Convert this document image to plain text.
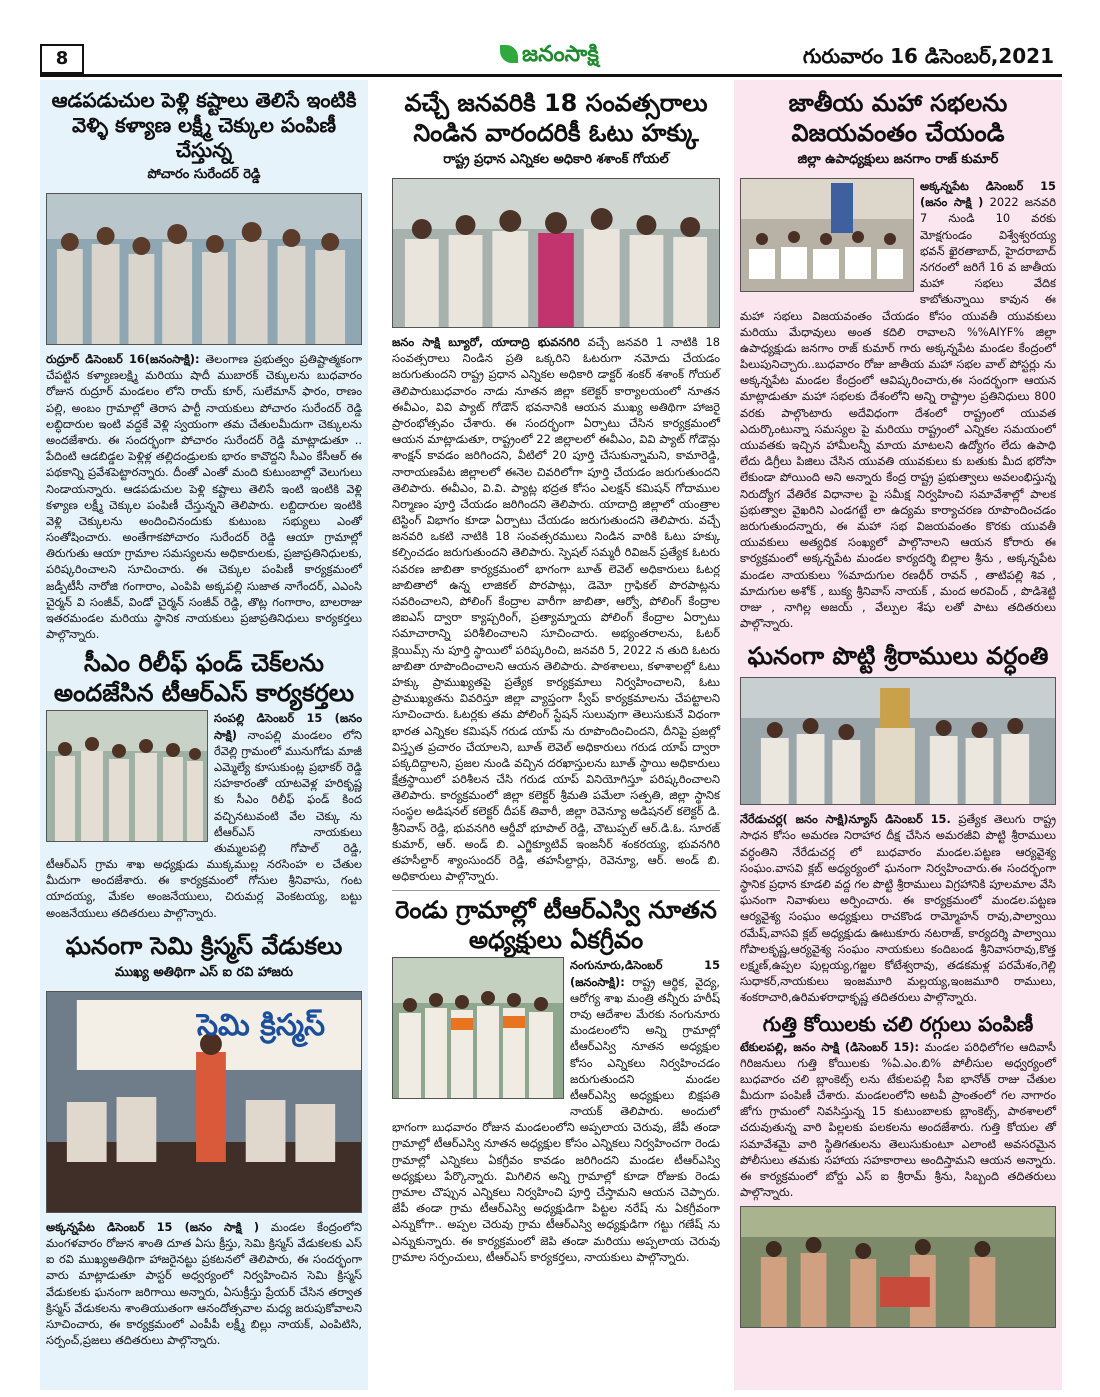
8	జనంసాక్షి	గురువారం 16 డిసెంబర్,2021
ఆడపడుచుల పెళ్లి కష్టాలు తెలిసే ఇంటికి వెళ్ళి కళ్యాణ లక్ష్మీ చెక్కుల పంపిణీ చేస్తున్న
పోచారం సురేందర్ రెడ్డి

రుద్రూర్ డిసెంబర్ 16(జనంసాక్షి): తెలంగాణ ప్రభుత్వం ప్రతిష్టాత్మకంగా చేపట్టిన కళ్యాణలక్ష్మి మరియు షాదీ ముబారక్ చెక్కులను బుధవారం రోజున రుద్రూర్ మండలం లోని రాయ్ కూర్, సులేమాన్ ఫారం, రాణం పల్లి, అంబం గ్రామాల్లో తెరాస పార్టీ నాయకులు పోచారం సురేందర్ రెడ్డి లబ్ధిదారుల ఇంటి వద్దకే వెళ్లి స్వయంగా తమ చేతులమీదుగా చెక్కులను అందజేశారు. ఈ సందర్భంగా పోచారం సురేందర్ రెడ్డి మాట్లాడుతూ .. పేదింటి ఆడబిడ్డల పెళ్లిళ్ల తల్లిదండ్రులకు భారం కావొద్దని సీఎం కేసీఆర్ ఈ పథకాన్ని ప్రవేశపెట్టారన్నారు. దీంతో ఎంతో మంది కుటుంబాల్లో వెలుగులు నిండాయన్నారు. ఆడపడుచుల పెళ్లి కష్టాలు తెలిసే ఇంటి ఇంటికి వెళ్లి కళ్యాణ లక్ష్మీ చెక్కుల పంపిణీ చేస్తున్నని తెలిపారు. లబ్దిదారుల ఇంటికి వెళ్లి చెక్కులను అందించినందుకు కుటుంబ సభ్యులు ఎంతో సంతోషించారు. అంతేగాకపోచారం సురేందర్ రెడ్డి ఆయా గ్రామాల్లో తిరుగుతు ఆయా గ్రామాల సమస్యలను అధికారులకు, ప్రజాప్రతినిధులకు, పరిష్కరించాలని సూచించారు. ఈ చెక్కుల పంపిణీ కార్యక్రమంలో జడ్పీటీసీ నారోజి గంగారాం, ఎంపిపి అక్కపల్లి సుజాత నాగేందర్, ఎఎంసి చైర్మన్ వి సంజీవ్, విండో చైర్మన్ సంజీవ్ రెడ్డి, తొట్ల గంగారాం, బాలరాజు ఇతరమండల మరియు స్థానిక నాయకులు ప్రజాప్రతినిధులు కార్యకర్తలు పాల్గొన్నారు.

సీఎం రిలీఫ్ ఫండ్ చెక్‌లను అందజేసిన టీఆర్ఎస్ కార్యకర్తలు

సంపల్లి డిసెంబర్ 15 (జనం సాక్షి) నాంపల్లి మండలం లోని రేవెల్లి గ్రామంలో మునుగోడు మాజీ ఎమ్మెల్యే కూసుకుంట్ల ప్రభాకర్ రెడ్డి సహకారంతో యాటవెళ్ల హరికృష్ణ కు సీఎం రిలీఫ్ ఫండ్ కింద వచ్చినటువంటి వేల చెక్కు ను టీఆర్ఎస్ నాయకులు తుమ్మలపల్లి గోపాల్ రెడ్డి, టీఆర్ఎస్ గ్రామ శాఖ అధ్యక్షుడు ముక్కముల్ల నరసింహ ల చేతుల మీదుగా అందజేశారు. ఈ కార్యక్రమంలో గోసుల శ్రీనివాసు, గంట యాదయ్య, మేకల అంజనేయులు, చిరుమర్ల వెంకటయ్య, బట్టు అంజనేయులు తదితరులు పాల్గొన్నారు.

ఘనంగా సెమి క్రిస్మస్ వేడుకలు
ముఖ్య అతిథిగా ఎస్ ఐ రవి హాజరు
సెమి క్రిస్మస్

అక్కన్నపేట డిసెంబర్ 15 (జనం సాక్షి ) మండల కేంద్రంలోని మంగళవారం రోజున శాంతి దూత ఏసు క్రీస్తు, సెమి క్రిస్మస్ వేడుకలకు ఎస్ ఐ రవి ముఖ్యఅతిథిగా హాజరైనట్టు ప్రకటనలో తెలిపారు, ఈ సందర్భంగా వారు మాట్లాడుతూ పాస్టర్ అధ్వర్యంలో నిర్వహించిన సెమి క్రిస్మస్ వేడుకలకు ఘనంగా జరిగాయి అన్నారు, ఏసుక్రీస్తు ప్రేయర్ చేసిన తర్వాత క్రిస్మస్ వేడుకలను శాంతియుతంగా ఆనందోత్సవాల మధ్య జరుపుకోవాలని సూచించారు, ఈ కార్యక్రమంలో ఎంపీపీ లక్ష్మీ బిల్లు నాయక్, ఎంపిటిసి, సర్పంచ్,ప్రజలు తదితరులు పాల్గొన్నారు.

వచ్చే జనవరికి 18 సంవత్సరాలు నిండిన వారందరికీ ఓటు హక్కు
రాష్ట్ర ప్రధాన ఎన్నికల అధికారి శశాంక్ గోయల్

జనం సాక్షి బ్యూరో, యాదాద్రి భువనగిరి వచ్చే జనవరి 1 నాటికి 18 సంవత్సరాలు నిండిన ప్రతి ఒక్కరిని ఓటరుగా నమోదు చేయడం జరుగుతుందని రాష్ట్ర ప్రధాన ఎన్నికల అధికారి డాక్టర్ శంకర్ శశాంక్ గోయల్ తెలిపారుబుధవారం నాడు నూతన జిల్లా కలెక్టర్ కార్యాలయంలో నూతన ఈవీఎం, వివి ప్యాట్ గోడౌన్ భవనానికి ఆయన ముఖ్య అతిథిగా హాజరై ప్రారంభోత్సవం చేశారు. ఈ సందర్భంగా ఏర్పాటు చేసిన కార్యక్రమంలో ఆయన మాట్లాడుతూ, రాష్ట్రంలో 22 జిల్లాలలో ఈవీఎం, వివి ప్యాట్ గోడౌన్లు శాంక్షన్ కావడం జరిగిందని, వీటిలో 20 పూర్తి చేసుకున్నామని, కామారెడ్డి, నారాయణపేట జిల్లాలలో ఈనెల చివరిలోగా పూర్తి చేయడం జరుగుతుందని తెలిపారు. ఈవీఎం, వి.వి. ప్యాట్ల భద్రత కోసం ఎలక్షన్ కమిషన్ గోదాముల నిర్మాణం పూర్తి చేయడం జరిగిందని తెలిపారు. యాదాద్రి జిల్లాలో యంత్రాల టెస్టింగ్ విభాగం కూడా ఏర్పాటు చేయడం జరుగుతుందని తెలిపారు. వచ్చే జనవరి ఒకటి నాటికి 18 సంవత్సరములు నిండిన వారికి ఓటు హక్కు కల్పించడం జరుగుతుందని తెలిపారు. స్పెషల్ సమ్మరీ రివిజన్ ప్రత్యేక ఓటరు సవరణ జాబితా కార్యక్రమంలో భాగంగా బూత్ లెవెల్ అధికారులు ఓటర్ల జాబితాలో ఉన్న లాజికల్ పొరపాట్లు, డెమో గ్రాఫికల్ పొరపాట్లను సవరించాలని, పోలింగ్ కేంద్రాల వారీగా జాబితా, ఆర్వో, పోలింగ్ కేంద్రాల జిఐఎస్ ద్వారా క్యాప్చరింగ్, ప్రత్యామ్నాయ పోలింగ్ కేంద్రాల ఏర్పాటు సమాచారాన్ని పరిశీలించాలని సూచించారు. అభ్యంతరాలను, ఓటర్ క్లెయిమ్స్ ను పూర్తి స్థాయిలో పరిష్కరించి, జనవరి 5, 2022 న తుది ఓటరు జాబితా రూపొందించాలని ఆయన తెలిపారు. పాఠశాలలు, కళాశాలల్లో ఓటు హక్కు ప్రాముఖ్యతపై ప్రత్యేక కార్యక్రమాలు నిర్వహించాలని, ఓటు ప్రాముఖ్యతను వివరిస్తూ జిల్లా వ్యాప్తంగా స్వీప్ కార్యక్రమాలను చేపట్టాలని సూచించారు. ఓటర్లకు తమ పోలింగ్ స్టేషన్ సులువుగా తెలుసుకునే విధంగా భారత ఎన్నికల కమిషన్ గరుడ యాప్ ను రూపొందించిందని, దీనిపై ప్రజల్లో విస్తృత ప్రచారం చేయాలని, బూత్ లెవెల్ అధికారులు గరుడ యాప్ ద్వారా పక్కదిద్దాలని, ప్రజల నుండి వచ్చిన దరఖాస్తులను బూత్ స్థాయి అధికారులు క్షేత్రస్థాయిలో పరిశీలన చేసి గరుడ యాప్ వినియోగిస్తూ పరిష్కరించాలని తెలిపారు. కార్యక్రమంలో జిల్లా కలెక్టర్ శ్రీమతి పమేలా సత్పతి, జిల్లా స్థానిక సంస్థల అడిషనల్ కలెక్టర్ దీపక్ తివారీ, జిల్లా రెవెన్యూ అడిషనల్ కలెక్టర్ డి. శ్రీనివాస్ రెడ్డి, భువనగిరి ఆర్డీవో భూపాల్ రెడ్డి, చౌటుప్పల్ ఆర్.డి.ఓ. సూరజ్ కుమార్, ఆర్. అండ్ బి. ఎగ్జిక్యూటివ్ ఇంజనీర్ శంకరయ్య, భువనగిరి తహసీల్దార్ శ్యాంసుందర్ రెడ్డి, తహసీల్దార్లు, రెవెన్యూ, ఆర్. అండ్ బి. అధికారులు పాల్గొన్నారు.

రెండు గ్రామాల్లో టీఆర్ఎస్వి నూతన అధ్యక్షులు ఏకగ్రీవం

నంగునూరు,డిసెంబర్ 15 (జనంసాక్షి): రాష్ట్ర ఆర్థిక, వైద్య, ఆరోగ్య శాఖ మంత్రి తన్నీరు హరీష్ రావు ఆదేశాల మేరకు నంగునూరు మండలంలోని అన్ని గ్రామాల్లో టీఆర్ఎస్వి నూతన అధ్యక్షుల కోసం ఎన్నికలు నిర్వహించడం జరుగుతుందని మండల టీఆర్ఎస్వి అధ్యక్షులు బిక్షపతి నాయక్ తెలిపారు. అందులో భాగంగా బుధవారం రోజున మండలంలోని అప్పలాయ చెరువు, జేపీ తండా గ్రామాల్లో టీఆర్ఎస్వి నూతన అధ్యక్షుల కోసం ఎన్నికలు నిర్వహించగా రెండు గ్రామాల్లో ఎన్నికలు ఏకగ్రీవం కావడం జరిగిందని మండల టీఆర్ఎస్వి అధ్యక్షులు పేర్కొన్నారు. మిగిలిన అన్ని గ్రామాల్లో కూడా రోజుకు రెండు గ్రామాల చొప్పున ఎన్నికలు నిర్వహించి పూర్తి చేస్తామని ఆయన చెప్పారు. జేపీ తండా గ్రామ టీఆర్ఎస్వి అధ్యక్షుడిగా పిట్టల నరేష్ ను ఏకగ్రీవంగా ఎన్నుకోగా.. అప్పల చెరువు గ్రామ టీఆర్ఎస్వి అధ్యక్షుడిగా గట్టు గణేష్ ను ఎన్నుకున్నారు. ఈ కార్యక్రమంలో జెపి తండా మరియు అప్పలాయ చెరువు గ్రామాల సర్పంచులు, టీఆర్ఎస్ కార్యకర్తలు, నాయకులు పాల్గొన్నారు.

జాతీయ మహా సభలను విజయవంతం చేయండి
జిల్లా ఉపాధ్యక్షులు జనగాం రాజ్ కుమార్

అక్కన్నపేట డిసెంబర్ 15 (జనం సాక్షి ) 2022 జనవరి 7 నుండి 10 వరకు మోక్షగుండం విశ్వేశ్వరయ్య భవన్ ఖైరతాబాద్, హైదరాబాద్ నగరంలో జరిగే 16 వ జాతీయ మహా సభలు వేదిక కాబోతున్నాయి కావున ఈ మహా సభలు విజయవంతం చేయడం కోసం యువతీ యువకులు మరియు మేధావులు అంత కదిలి రావాలని %%AIYF% జిల్లా ఉపాధ్యక్షుడు జనగాం రాజ్ కుమార్ గారు అక్కన్నపేట మండల కేంద్రంలో పిలుపునిచ్చారు..బుధవారం రోజు జాతీయ మహా సభల వాల్ పోస్టర్లు ను అక్కన్నపేట మండల కేంద్రంలో ఆవిష్కరించారు,ఈ సందర్భంగా ఆయన మాట్లాడుతూ మహా సభలకు దేశంలోని అన్ని రాష్ట్రాల ప్రతినిధులు 800 వరకు పాల్గొంటారు అదేవిధంగా దేశంలో రాష్ట్రంలో యువత ఎదుర్కొంటున్నా సమస్యల పై మరియు రాష్ట్రంలో ఎన్నికల సమయంలో యువతకు ఇచ్చిన హామీలన్నీ మాయ మాటలని ఉద్యోగం లేదు ఉపాధి లేదు డిగ్రీలు పిజిలు చేసిన యువతి యువకులు కు బతుకు మీద భరోసా లేకుండా పోయింది అని అన్నారు కేంద్ర రాష్ట్ర ప్రభుత్వాలు అవలంభిస్తున్న నిరుద్యోగ వేతిరేక విధానాల పై సమీక్ష నిర్వహించి సమావేశాల్లో పాలక ప్రభుత్వాల వైఖరిని ఎండగట్టే లా ఉద్యమ కార్యాచరణ రూపొందించడం జరుగుతుందన్నారు, ఈ మహా సభ విజయవంతం కొరకు యువతీ యువకులు అత్యధిక సంఖ్యలో పాల్గొనాలని ఆయన కోరారు ఈ కార్యక్రమంలో అక్కన్నపేట మండల కార్యదర్శి బిల్లాల శ్రీను , అక్కన్నపేట మండల నాయకులు %మాదుగుల రణధీర్ రావన్ , తాటిపల్లి శివ , మాదుగుల అశోక్ , బుక్య శ్రీనివాస్ నాయక్ , మంద అరవింద్ , పొడిశెట్టి రాజు , నాగిల్ల అజయ్ , వేల్పుల శేషు లతో పాటు తదితరులు పాల్గొన్నారు.

ఘనంగా పొట్టి శ్రీరాములు వర్ధంతి

నేరేడుచర్ల( జనం సాక్షి)న్యూస్ డిసెంబర్ 15. ప్రత్యేక తెలుగు రాష్ట్ర సాధన కోసం అమరణ నిరాహార దీక్ష చేసిన అమరజీవి పొట్టి శ్రీరాములు వర్ధంతిని నేరేడుచర్ల లో బుధవారం మండల.పట్టణ ఆర్యవైశ్య సంఘం.వాసవి క్లబ్ అధ్యర్యంలో ఘనంగా నిర్వహించారు.ఈ సందర్భంగా స్థానిక ప్రధాన కూడలి వద్ద గల పొట్టి శ్రీరాములు విగ్రహానికి పూలమాల వేసి ఘనంగా నివాళులు అర్పించారు. ఈ కార్యక్రమంలో మండల.పట్టణ ఆర్యవైశ్య సంఘం అధ్యక్షులు రాచకొండ రామ్మోహన్ రావు,పాల్వాయి రమేష్,వాసవి క్లబ్ అధ్యక్షుడు ఊటుకూరు నటరాజ్, కార్యదర్శి పాల్వాయి గోపాలకృష్ణ,ఆర్యవైశ్య సంఘం నాయకులు కందిబండ శ్రీనివాసరావు,కొత్త లక్ష్మణ్,ఉప్పల పుల్లయ్య,గజ్జల కోటేశ్వరావు, తడకమళ్ల పరమేశం,గెల్లి సుధాకర్,నాయకులు ఇంజమూరి మల్లయ్య,ఇంజమూరి రాములు, శంకరాచారి,ఉరిమళరాధాకృష్ణ తదితరులు పాల్గొన్నారు.

గుత్తి కోయిలకు చలి రగ్గులు పంపిణీ

టేకులపల్లి, జనం సాక్షి (డిసెంబర్ 15): మండల పరిధిలోగల ఆదివాసీ గిరిజనులు గుత్తి కోయిలకు %ఏ.ఎం.బి% పోలీసుల అధ్వర్యంలో బుధవారం చలి బ్లాంకెట్స్ లను టేకులపల్లి సీఐ భానోత్ రాజు చేతుల మీదుగా పంపిణీ చేశారు. మండలంలోని అటవీ ప్రాంతంలో గల నాగారం జోగు గ్రామంలో నివసిస్తున్న 15 కుటుంబాలకు బ్లాంకెట్స్, పాఠశాలలో చదువుతున్న వారి పిల్లలకు పలకలను అందజేశారు. గుత్తి కోయల తో సమావేశమై వారి స్థితిగతులను తెలుసుకుంటూ ఎలాంటి అవసరమైన పోలీసులు తమకు సహాయ సహకారాలు అందిస్తామని ఆయన అన్నారు. ఈ కార్యక్రమంలో బోర్డు ఎస్ ఐ శ్రీరామ్ శ్రీను, సిబ్బంది తదితరులు పాల్గొన్నారు.
